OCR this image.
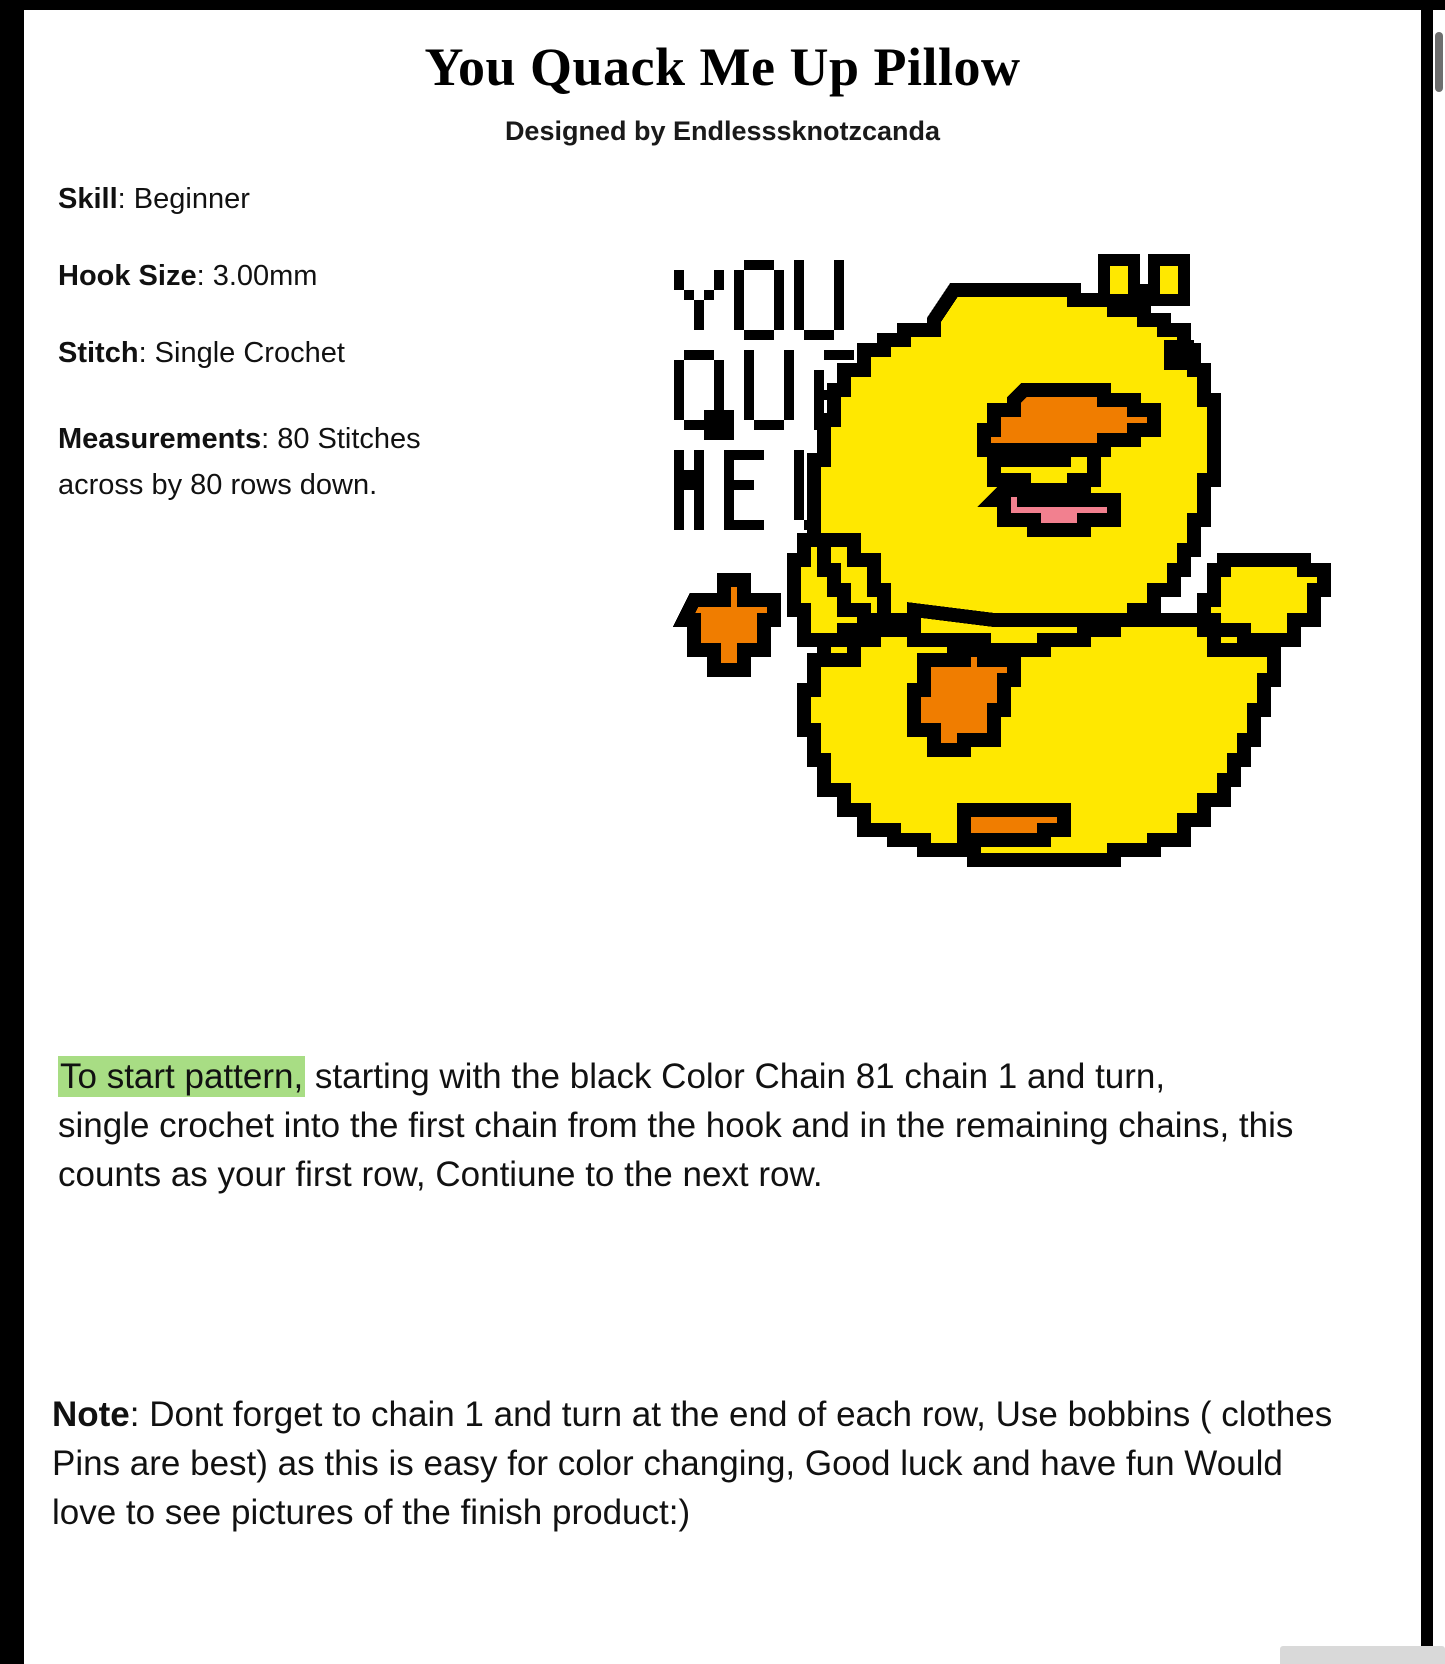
You Quack Me Up Pillow
Designed by Endlesssknotzcanda
Skill: Beginner
Hook Size: 3.00mm
Stitch: Single Crochet
Measurements: 80 Stitches across by 80 rows down.

To start pattern, starting with the black Color Chain 81 chain 1 and turn,
single crochet into the first chain from the hook and in the remaining chains, this counts as your first row, Contiune to the next row.

Note: Dont forget to chain 1 and turn at the end of each row, Use bobbins ( clothes Pins are best) as this is easy for color changing, Good luck and have fun Would love to see pictures of the finish product:)
